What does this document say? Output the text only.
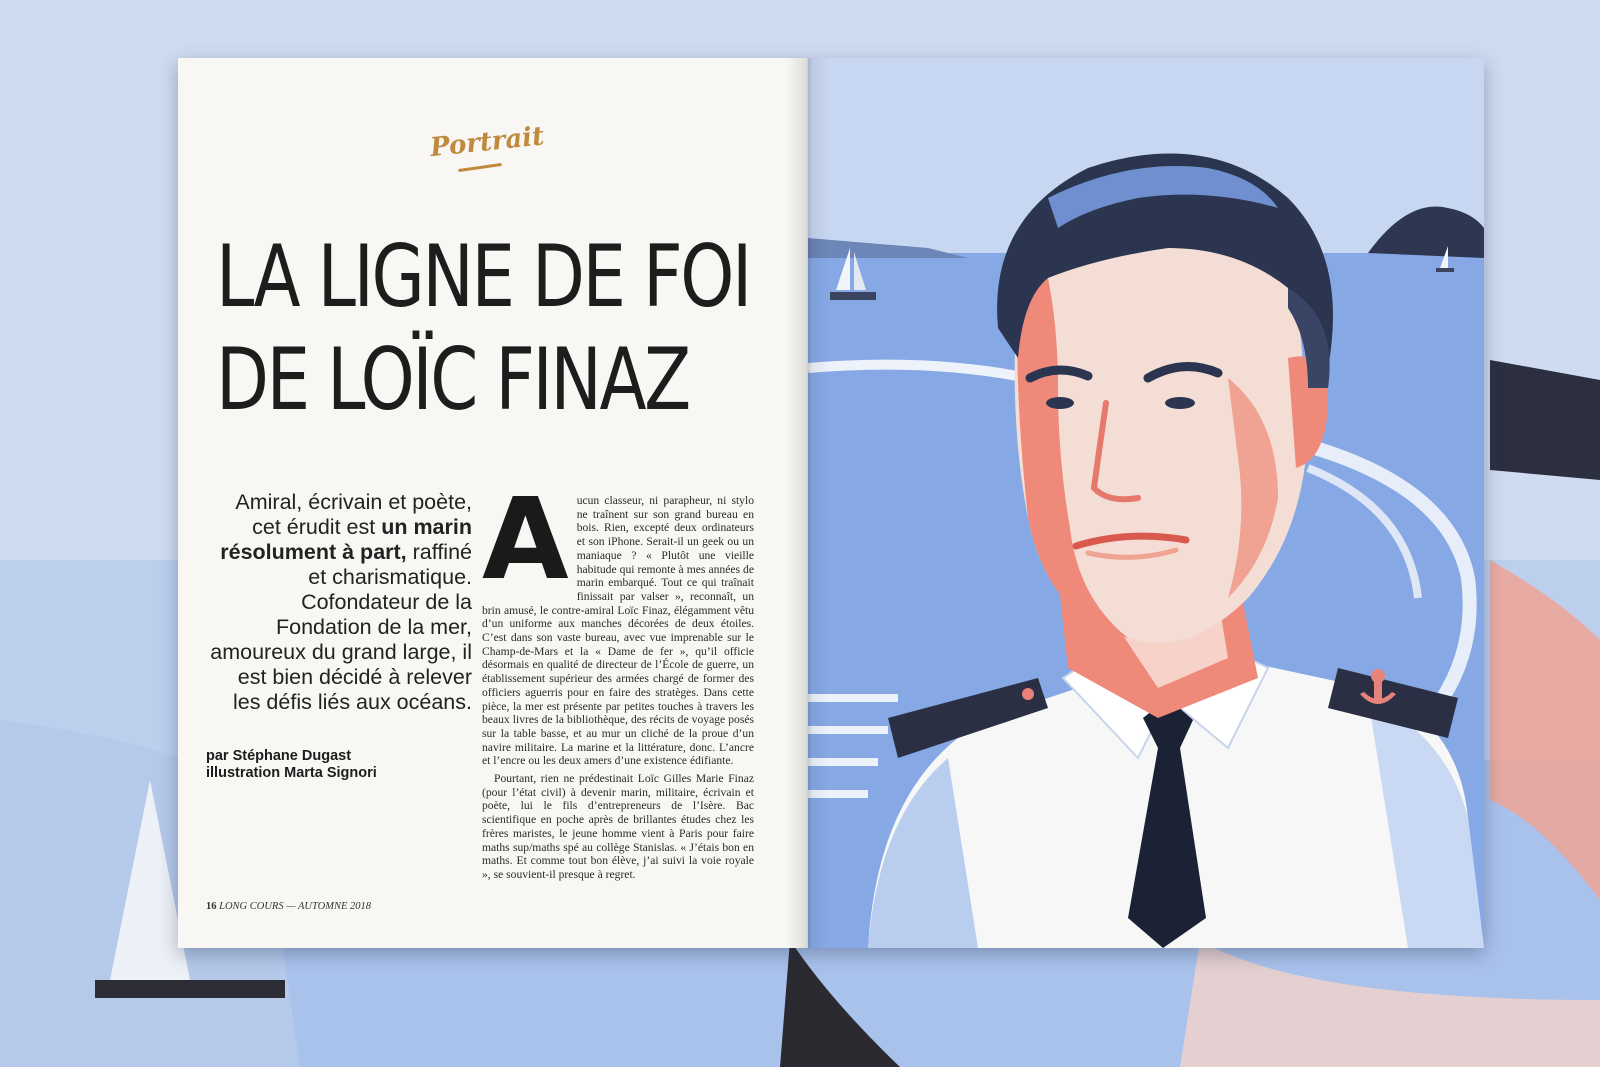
Portrait
LA LIGNE DE FOI
DE LOÏC FINAZ
Amiral, écrivain et poète, cet érudit est un marin résolument à part, raffiné et charismatique. Cofondateur de la Fondation de la mer, amoureux du grand large, il est bien décidé à relever les défis liés aux océans.
par Stéphane Dugast
illustration Marta Signori

Aucun classeur, ni parapheur, ni stylo ne traînent sur son grand bureau en bois. Rien, excepté deux ordinateurs et son iPhone. Serait-il un geek ou un maniaque ? « Plutôt une vieille habitude qui remonte à mes années de marin embarqué. Tout ce qui traînait finissait par valser », reconnaît, un brin amusé, le contre-amiral Loïc Finaz, élégamment vêtu d’un uniforme aux manches décorées de deux étoiles. C’est dans son vaste bureau, avec vue imprenable sur le Champ-de-Mars et la « Dame de fer », qu’il officie désormais en qualité de directeur de l’École de guerre, un établissement supérieur des armées chargé de former des officiers aguerris pour en faire des stratèges. Dans cette pièce, la mer est présente par petites touches à travers les beaux livres de la bibliothèque, des récits de voyage posés sur la table basse, et au mur un cliché de la proue d’un navire militaire. La marine et la littérature, donc. L’ancre et l’encre ou les deux amers d’une existence édifiante.

Pourtant, rien ne prédestinait Loïc Gilles Marie Finaz (pour l’état civil) à devenir marin, militaire, écrivain et poète, lui le fils d’entrepreneurs de l’Isère. Bac scientifique en poche après de brillantes études chez les frères maristes, le jeune homme vient à Paris pour faire maths sup/maths spé au collège Stanislas. « J’étais bon en maths. Et comme tout bon élève, j’ai suivi la voie royale », se souvient-il presque à regret.

16 LONG COURS — AUTOMNE 2018
